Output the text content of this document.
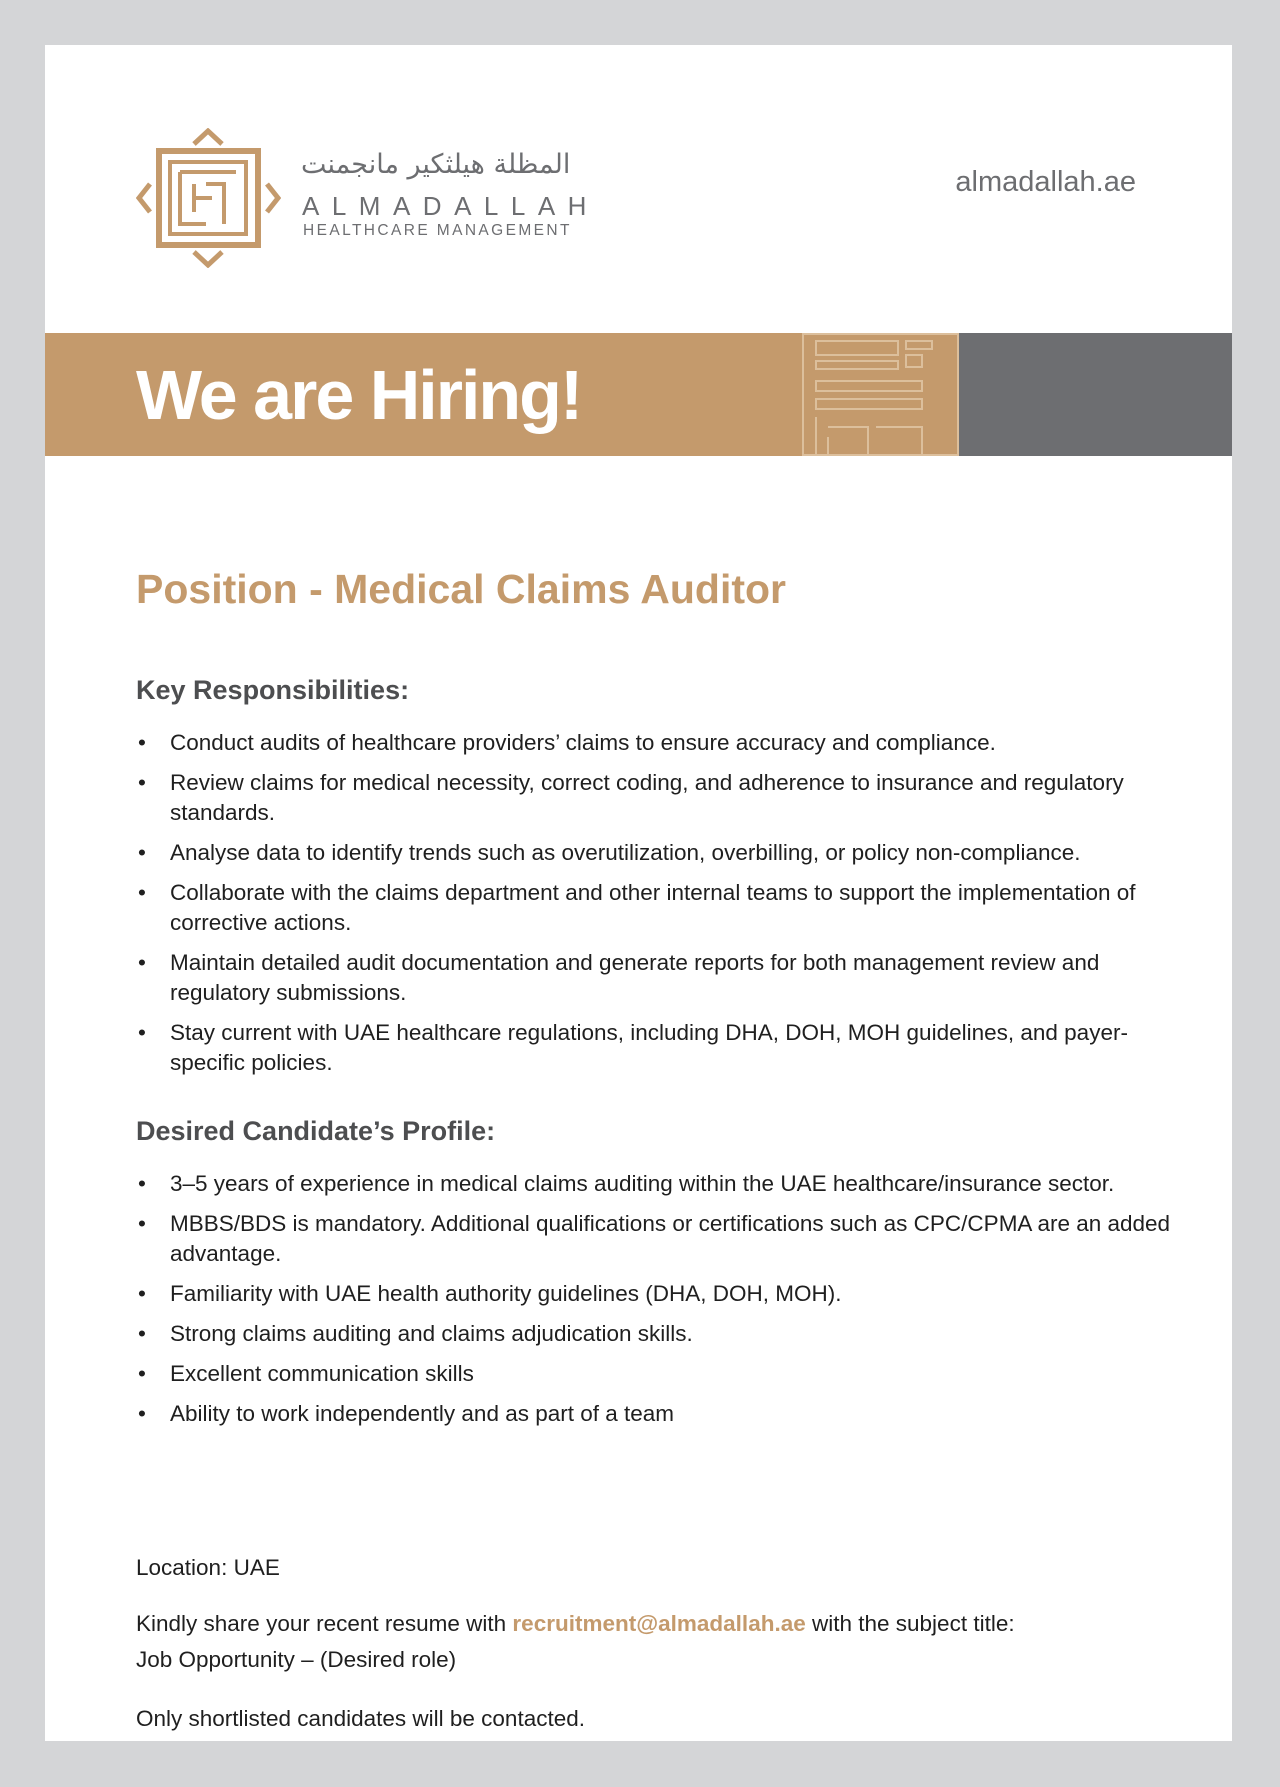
المظلة هيلثكير مانجمنت
ALMADALLAH
HEALTHCARE MANAGEMENT
almadallah.ae
We are Hiring!
Position - Medical Claims Auditor
Key Responsibilities:
• Conduct audits of healthcare providers’ claims to ensure accuracy and compliance.
• Review claims for medical necessity, correct coding, and adherence to insurance and regulatory standards.
• Analyse data to identify trends such as overutilization, overbilling, or policy non-compliance.
• Collaborate with the claims department and other internal teams to support the implementation of corrective actions.
• Maintain detailed audit documentation and generate reports for both management review and regulatory submissions.
• Stay current with UAE healthcare regulations, including DHA, DOH, MOH guidelines, and payer-specific policies.
Desired Candidate’s Profile:
• 3–5 years of experience in medical claims auditing within the UAE healthcare/insurance sector.
• MBBS/BDS is mandatory. Additional qualifications or certifications such as CPC/CPMA are an added advantage.
• Familiarity with UAE health authority guidelines (DHA, DOH, MOH).
• Strong claims auditing and claims adjudication skills.
• Excellent communication skills
• Ability to work independently and as part of a team
Location: UAE
Kindly share your recent resume with recruitment@almadallah.ae with the subject title: Job Opportunity – (Desired role)
Only shortlisted candidates will be contacted.
